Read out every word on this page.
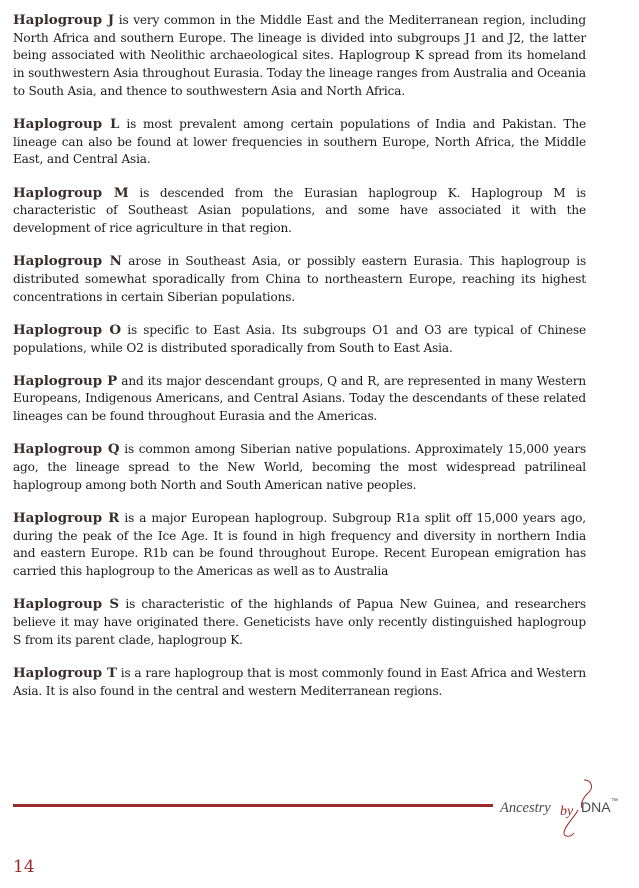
Haplogroup J is very common in the Middle East and the Mediterranean region, including North Africa and southern Europe. The lineage is divided into subgroups J1 and J2, the latter being associated with Neolithic archaeological sites. Haplogroup K spread from its homeland in southwestern Asia throughout Eurasia. Today the lineage ranges from Australia and Oceania to South Asia, and thence to southwestern Asia and North Africa.

Haplogroup L is most prevalent among certain populations of India and Pakistan. The lineage can also be found at lower frequencies in southern Europe, North Africa, the Middle East, and Central Asia.

Haplogroup M is descended from the Eurasian haplogroup K. Haplogroup M is characteristic of Southeast Asian populations, and some have associated it with the development of rice agriculture in that region.

Haplogroup N arose in Southeast Asia, or possibly eastern Eurasia. This haplogroup is distributed somewhat sporadically from China to northeastern Europe, reaching its highest concentrations in certain Siberian populations.

Haplogroup O is specific to East Asia. Its subgroups O1 and O3 are typical of Chinese populations, while O2 is distributed sporadically from South to East Asia.

Haplogroup P and its major descendant groups, Q and R, are represented in many Western Europeans, Indigenous Americans, and Central Asians. Today the descendants of these related lineages can be found throughout Eurasia and the Americas.

Haplogroup Q is common among Siberian native populations. Approximately 15,000 years ago, the lineage spread to the New World, becoming the most widespread patrilineal haplogroup among both North and South American native peoples.

Haplogroup R is a major European haplogroup. Subgroup R1a split off 15,000 years ago, during the peak of the Ice Age. It is found in high frequency and diversity in northern India and eastern Europe. R1b can be found throughout Europe. Recent European emigration has carried this haplogroup to the Americas as well as to Australia

Haplogroup S is characteristic of the highlands of Papua New Guinea, and researchers believe it may have originated there. Geneticists have only recently distinguished haplogroup S from its parent clade, haplogroup K.

Haplogroup T is a rare haplogroup that is most commonly found in East Africa and Western Asia. It is also found in the central and western Mediterranean regions.

Ancestry by DNA ™
14
